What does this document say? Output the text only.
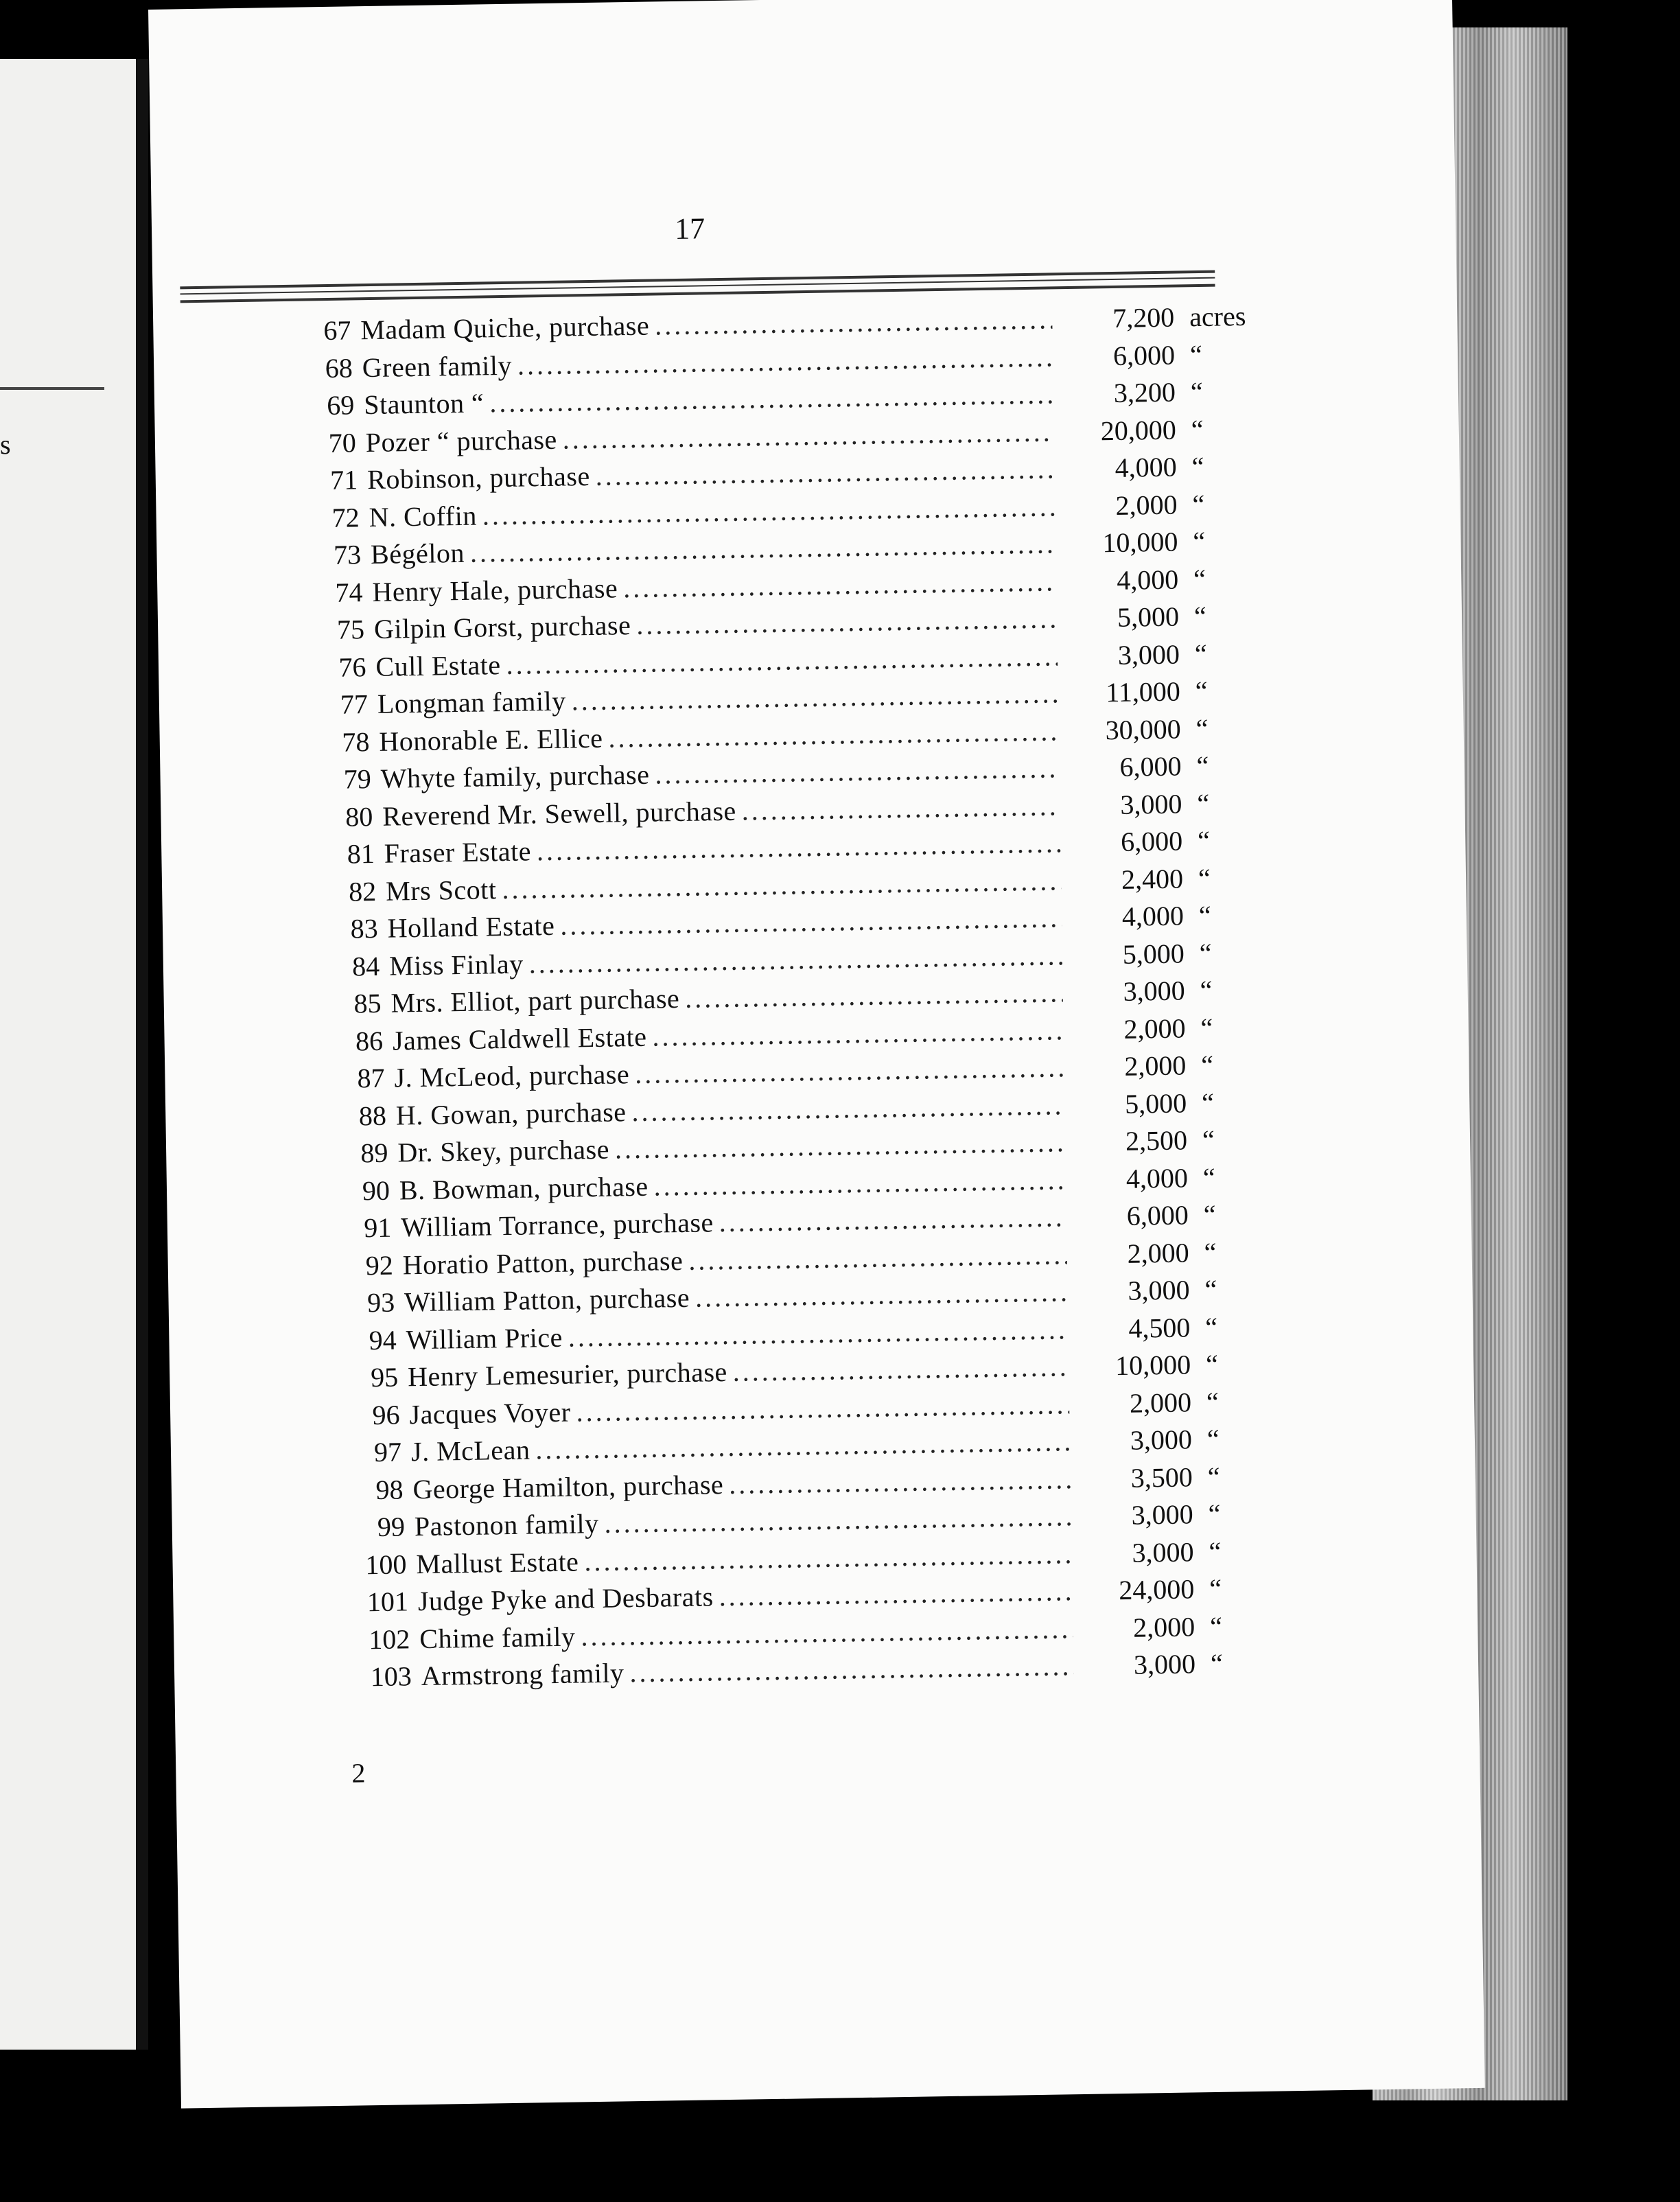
s
17
67 Madam Quiche, purchase .....	7,200 acres
68 Green family .....	6,000 “
69 Staunton “ .....	3,200 “
70 Pozer “ purchase .....	20,000 “
71 Robinson, purchase .....	4,000 “
72 N. Coffin .....	2,000 “
73 Bégélon .....	10,000 “
74 Henry Hale, purchase .....	4,000 “
75 Gilpin Gorst, purchase .....	5,000 “
76 Cull Estate .....	3,000 “
77 Longman family .....	11,000 “
78 Honorable E. Ellice .....	30,000 “
79 Whyte family, purchase .....	6,000 “
80 Reverend Mr. Sewell, purchase .....	3,000 “
81 Fraser Estate .....	6,000 “
82 Mrs Scott .....	2,400 “
83 Holland Estate .....	4,000 “
84 Miss Finlay .....	5,000 “
85 Mrs. Elliot, part purchase .....	3,000 “
86 James Caldwell Estate .....	2,000 “
87 J. McLeod, purchase .....	2,000 “
88 H. Gowan, purchase .....	5,000 “
89 Dr. Skey, purchase .....	2,500 “
90 B. Bowman, purchase .....	4,000 “
91 William Torrance, purchase .....	6,000 “
92 Horatio Patton, purchase .....	2,000 “
93 William Patton, purchase .....	3,000 “
94 William Price .....	4,500 “
95 Henry Lemesurier, purchase .....	10,000 “
96 Jacques Voyer .....	2,000 “
97 J. McLean .....	3,000 “
98 George Hamilton, purchase .....	3,500 “
99 Pastonon family .....	3,000 “
100 Mallust Estate .....	3,000 “
101 Judge Pyke and Desbarats .....	24,000 “
102 Chime family .....	2,000 “
103 Armstrong family .....	3,000 “
2
